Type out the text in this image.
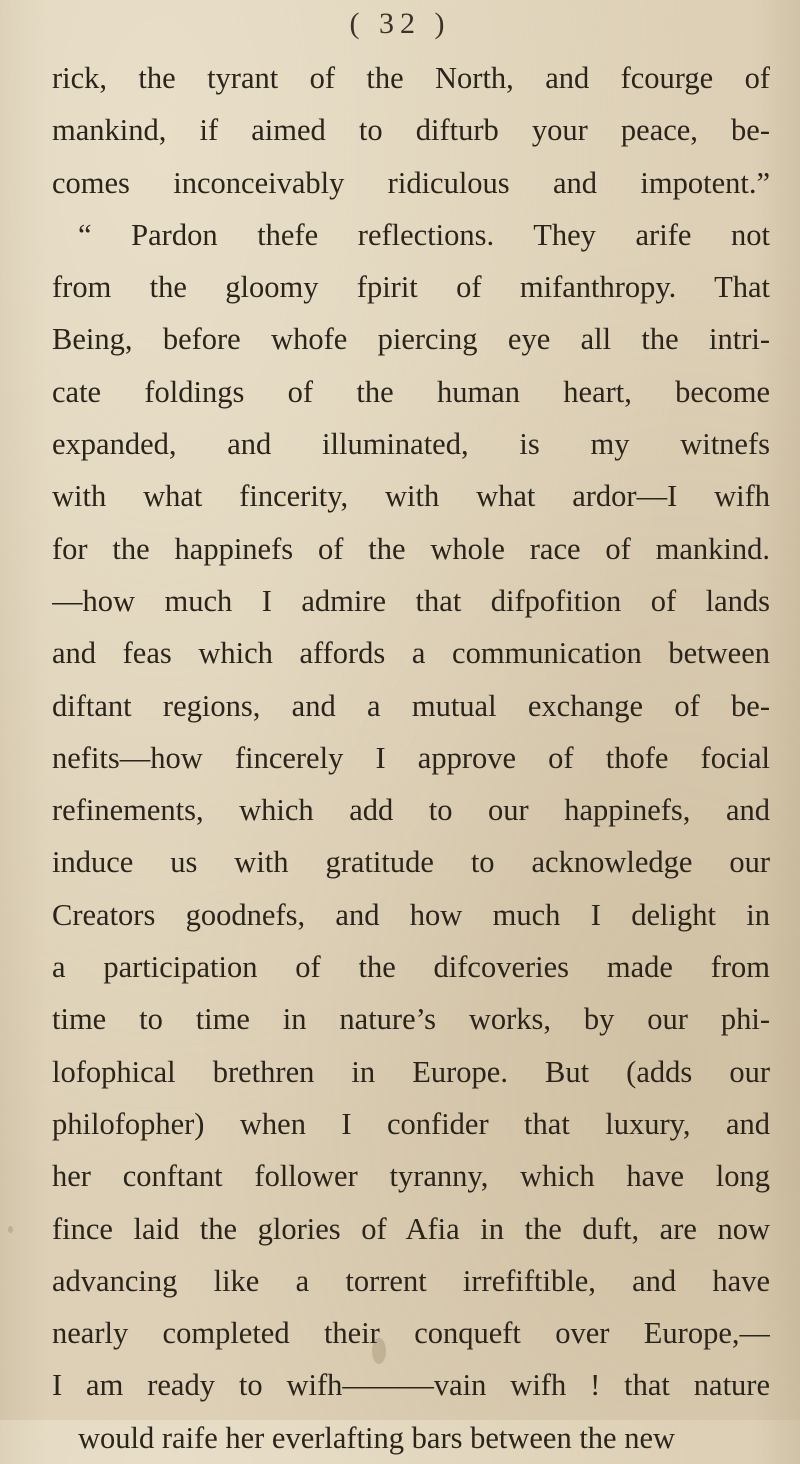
( 32 )
rick, the tyrant of the North, and fcourge of
mankind, if aimed to difturb your peace, be-
comes inconceivably ridiculous and impotent.”
“ Pardon thefe reflections. They arife not
from the gloomy fpirit of mifanthropy. That
Being, before whofe piercing eye all the intri-
cate foldings of the human heart, become
expanded, and illuminated, is my witnefs
with what fincerity, with what ardor—I wifh
for the happinefs of the whole race of mankind.
—how much I admire that difpofition of lands
and feas which affords a communication between
diftant regions, and a mutual exchange of be-
nefits—how fincerely I approve of thofe focial
refinements, which add to our happinefs, and
induce us with gratitude to acknowledge our
Creators goodnefs, and how much I delight in
a participation of the difcoveries made from
time to time in nature’s works, by our phi-
lofophical brethren in Europe. But (adds our
philofopher) when I confider that luxury, and
her conftant follower tyranny, which have long
fince laid the glories of Afia in the duft, are now
advancing like a torrent irrefiftible, and have
nearly completed their conqueft over Europe,—
I am ready to wifh———vain wifh ! that nature
would raife her everlafting bars between the new
